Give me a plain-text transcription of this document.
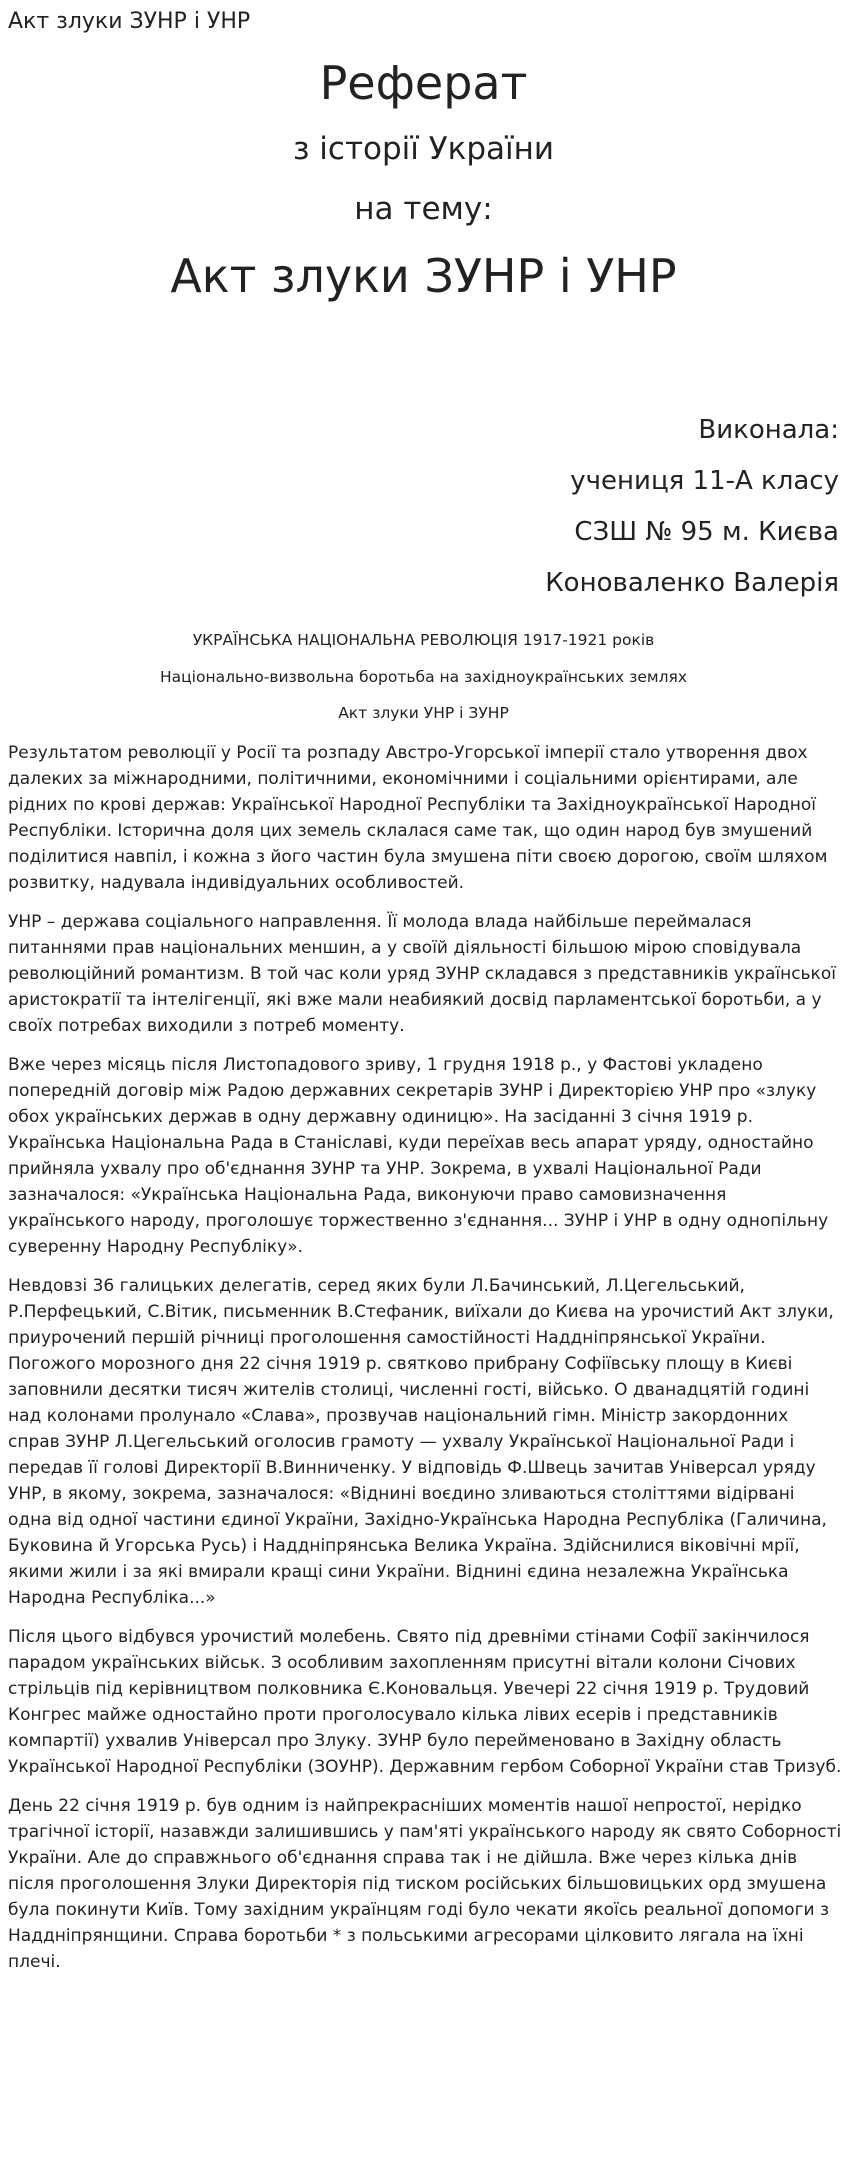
Акт злуки ЗУНР і УНР
Реферат
з історії України
на тему:
Акт злуки ЗУНР і УНР
Виконала:
учениця 11-А класу
СЗШ № 95 м. Києва
Коноваленко Валерія
УКРАЇНСЬКА НАЦІОНАЛЬНА РЕВОЛЮЦІЯ 1917-1921 років
Національно-визвольна боротьба на західноукраїнських землях
Акт злуки УНР і ЗУНР

Результатом революції у Росії та розпаду Австро-Угорської імперії стало утворення двох далеких за міжнародними, політичними, економічними і соціальними орієнтирами, але рідних по крові держав: Української Народної Республіки та Західноукраїнської Народної Республіки. Історична доля цих земель склалася саме так, що один народ був змушений поділитися навпіл, і кожна з його частин була змушена піти своєю дорогою, своїм шляхом розвитку, надувала індивідуальних особливостей.

УНР – держава соціального направлення. Її молода влада найбільше переймалася питаннями прав національних меншин, а у своїй діяльності більшою мірою сповідувала революційний романтизм. В той час коли уряд ЗУНР складався з представників української аристократії та інтелігенції, які вже мали неабиякий досвід парламентської боротьби, а у своїх потребах виходили з потреб моменту.

Вже через місяць після Листопадового зриву, 1 грудня 1918 р., у Фастові укладено попередній договір між Радою державних секретарів ЗУНР і Директорією УНР про «злуку обох українських держав в одну державну одиницю». На засіданні 3 січня 1919 р. Українська Національна Рада в Станіславі, куди переїхав весь апарат уряду, одностайно прийняла ухвалу про об'єднання ЗУНР та УНР. Зокрема, в ухвалі Національної Ради зазначалося: «Українська Національна Рада, виконуючи право самовизначення українського народу, проголошує торжественно з'єднання... ЗУНР і УНР в одну однопільну суверенну Народну Республіку».

Невдовзі 36 галицьких делегатів, серед яких були Л.Бачинський, Л.Цегельський, Р.Перфецький, С.Вітик, письменник В.Стефаник, виїхали до Києва на урочистий Акт злуки, приурочений першій річниці проголошення самостійності Наддніпрянської України. Погожого морозного дня 22 січня 1919 р. святково прибрану Софіївську площу в Києві заповнили десятки тисяч жителів столиці, численні гості, військо. О дванадцятій годині над колонами пролунало «Слава», прозвучав національний гімн. Міністр закордонних справ ЗУНР Л.Цегельський оголосив грамоту — ухвалу Української Національної Ради і передав її голові Директорії В.Винниченку. У відповідь Ф.Швець зачитав Універсал уряду УНР, в якому, зокрема, зазначалося: «Віднині воєдино зливаються століттями відірвані одна від одної частини єдиної України, Західно-Українська Народна Республіка (Галичина, Буковина й Угорська Русь) і Наддніпрянська Велика Україна. Здійснилися віковічні мрії, якими жили і за які вмирали кращі сини України. Віднині єдина незалежна Українська Народна Республіка...»

Після цього відбувся урочистий молебень. Свято під древніми стінами Софії закінчилося парадом українських військ. З особливим захопленням присутні вітали колони Січових стрільців під керівництвом полковника Є.Коновальця. Увечері 22 січня 1919 р. Трудовий Конгрес майже одностайно проти проголосувало кілька лівих есерів і представників компартії) ухвалив Універсал про Злуку. ЗУНР було перейменовано в Західну область Української Народної Республіки (ЗОУНР). Державним гербом Соборної України став Тризуб.

День 22 січня 1919 р. був одним із найпрекрасніших моментів нашої непростої, нерідко трагічної історії, назавжди залишившись у пам'яті українського народу як свято Соборності України. Але до справжнього об'єднання справа так і не дійшла. Вже через кілька днів після проголошення Злуки Директорія під тиском російських більшовицьких орд змушена була покинути Київ. Тому західним українцям годі було чекати якоїсь реальної допомоги з Наддніпрянщини. Справа боротьби * з польськими агресорами цілковито лягала на їхні плечі.
